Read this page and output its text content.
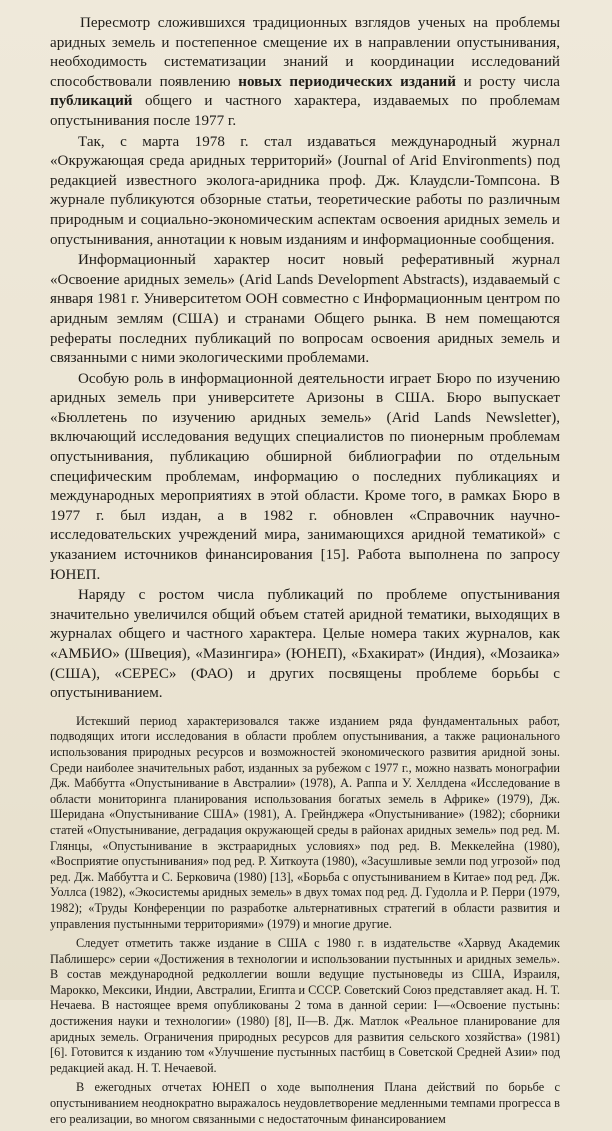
Пересмотр сложившихся традиционных взглядов ученых на проблемы аридных земель и постепенное смещение их в направлении опустынивания, необходимость систематизации знаний и координации исследований способствовали появлению новых периодических изданий и росту числа публикаций общего и частного характера, издаваемых по проблемам опустынивания после 1977 г.

Так, с марта 1978 г. стал издаваться международный журнал «Окружающая среда аридных территорий» (Journal of Arid Environments) под редакцией известного эколога-аридника проф. Дж. Клаудсли-Томпсона. В журнале публикуются обзорные статьи, теоретические работы по различным природным и социально-экономическим аспектам освоения аридных земель и опустынивания, аннотации к новым изданиям и информационные сообщения.

Информационный характер носит новый реферативный журнал «Освоение аридных земель» (Arid Lands Development Abstracts), издаваемый с января 1981 г. Университетом ООН совместно с Информационным центром по аридным землям (США) и странами Общего рынка. В нем помещаются рефераты последних публикаций по вопросам освоения аридных земель и связанными с ними экологическими проблемами.

Особую роль в информационной деятельности играет Бюро по изучению аридных земель при университете Аризоны в США. Бюро выпускает «Бюллетень по изучению аридных земель» (Arid Lands Newsletter), включающий исследования ведущих специалистов по пионерным проблемам опустынивания, публикацию обширной библиографии по отдельным специфическим проблемам, информацию о последних публикациях и международных мероприятиях в этой области. Кроме того, в рамках Бюро в 1977 г. был издан, а в 1982 г. обновлен «Справочник научно-исследовательских учреждений мира, занимающихся аридной тематикой» с указанием источников финансирования [15]. Работа выполнена по запросу ЮНЕП.

Наряду с ростом числа публикаций по проблеме опустынивания значительно увеличился общий объем статей аридной тематики, выходящих в журналах общего и частного характера. Целые номера таких журналов, как «АМБИО» (Швеция), «Мазингира» (ЮНЕП), «Бхакират» (Индия), «Мозаика» (США), «СЕРЕС» (ФАО) и других посвящены проблеме борьбы с опустыниванием.

Истекший период характеризовался также изданием ряда фундаментальных работ, подводящих итоги исследования в области проблем опустынивания, а также рационального использования природных ресурсов и возможностей экономического развития аридной зоны. Среди наиболее значительных работ, изданных за рубежом с 1977 г., можно назвать монографии Дж. Маббутта «Опустынивание в Австралии» (1978), А. Раппа и У. Хеллдена «Исследование в области мониторинга планирования использования богатых земель в Африке» (1979), Дж. Шеридана «Опустынивание США» (1981), А. Грейнджера «Опустынивание» (1982); сборники статей «Опустынивание, деградация окружающей среды в районах аридных земель» под ред. М. Глянцы, «Опустынивание в экстрааридных условиях» под ред. В. Меккелейна (1980), «Восприятие опустынивания» под ред. Р. Хиткоута (1980), «Засушливые земли под угрозой» под ред. Дж. Маббутта и С. Берковича (1980) [13], «Борьба с опустыниванием в Китае» под ред. Дж. Уоллса (1982), «Экосистемы аридных земель» в двух томах под ред. Д. Гудолла и Р. Перри (1979, 1982); «Труды Конференции по разработке альтернативных стратегий в области развития и управления пустынными территориями» (1979) и многие другие.

Следует отметить также издание в США с 1980 г. в издательстве «Харвуд Академик Паблишерс» серии «Достижения в технологии и использовании пустынных и аридных земель». В состав международной редколлегии вошли ведущие пустыноведы из США, Израиля, Марокко, Мексики, Индии, Австралии, Египта и СССР. Советский Союз представляет акад. Н. Т. Нечаева. В настоящее время опубликованы 2 тома в данной серии: I—«Освоение пустынь: достижения науки и технологии» (1980) [8], II—В. Дж. Матлок «Реальное планирование для аридных земель. Ограничения природных ресурсов для развития сельского хозяйства» (1981) [6]. Готовится к изданию том «Улучшение пустынных пастбищ в Советской Средней Азии» под редакцией акад. Н. Т. Нечаевой.

В ежегодных отчетах ЮНЕП о ходе выполнения Плана действий по борьбе с опустыниванием неоднократно выражалось неудовлетворение медленными темпами прогресса в его реализации, во многом связанными с недостаточным финансированием
